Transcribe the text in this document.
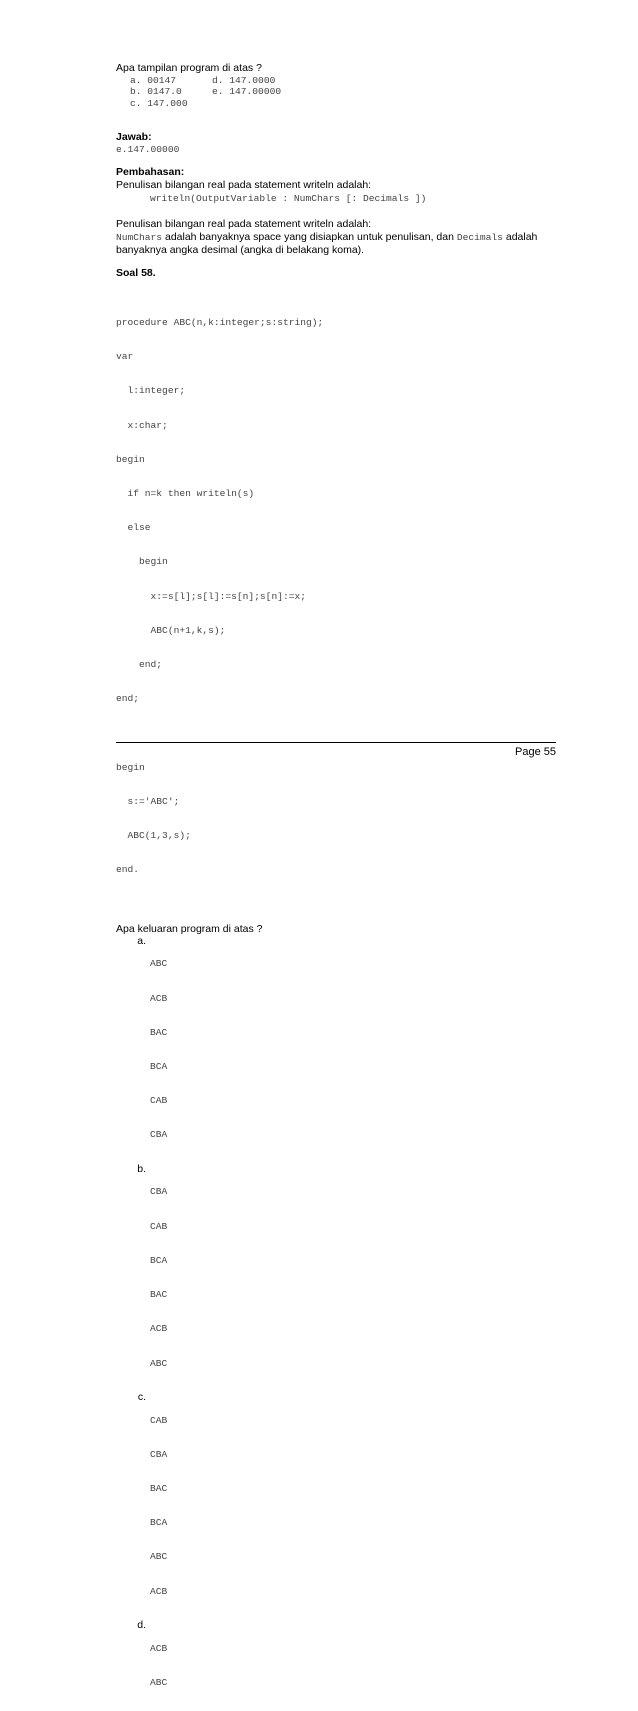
Apa tampilan program di atas ?
a. 00147	d. 147.0000
b. 0147.0	e. 147.00000
c. 147.000
Jawab:
e.147.00000
Pembahasan:
Penulisan bilangan real pada statement writeln adalah:
writeln(OutputVariable : NumChars [: Decimals ])
Penulisan bilangan real pada statement writeln adalah:
NumChars adalah banyaknya space yang disiapkan untuk penulisan, dan Decimals adalah
banyaknya angka desimal (angka di belakang koma).
Soal 58.

procedure ABC(n,k:integer;s:string);

var

l:integer;

x:char;

begin

if n=k then writeln(s)

else

begin

x:=s[l];s[l]:=s[n];s[n]:=x;

ABC(n+1,k,s);

end;

end;

begin

s:='ABC';

ABC(1,3,s);

end.

Apa keluaran program di atas ?
a.

ABC

ACB

BAC

BCA

CAB

CBA

b.

CBA

CAB

BCA

BAC

ACB

ABC

c.

CAB

CBA

BAC

BCA

ABC

ACB

d.

ACB

ABC

Page 55
